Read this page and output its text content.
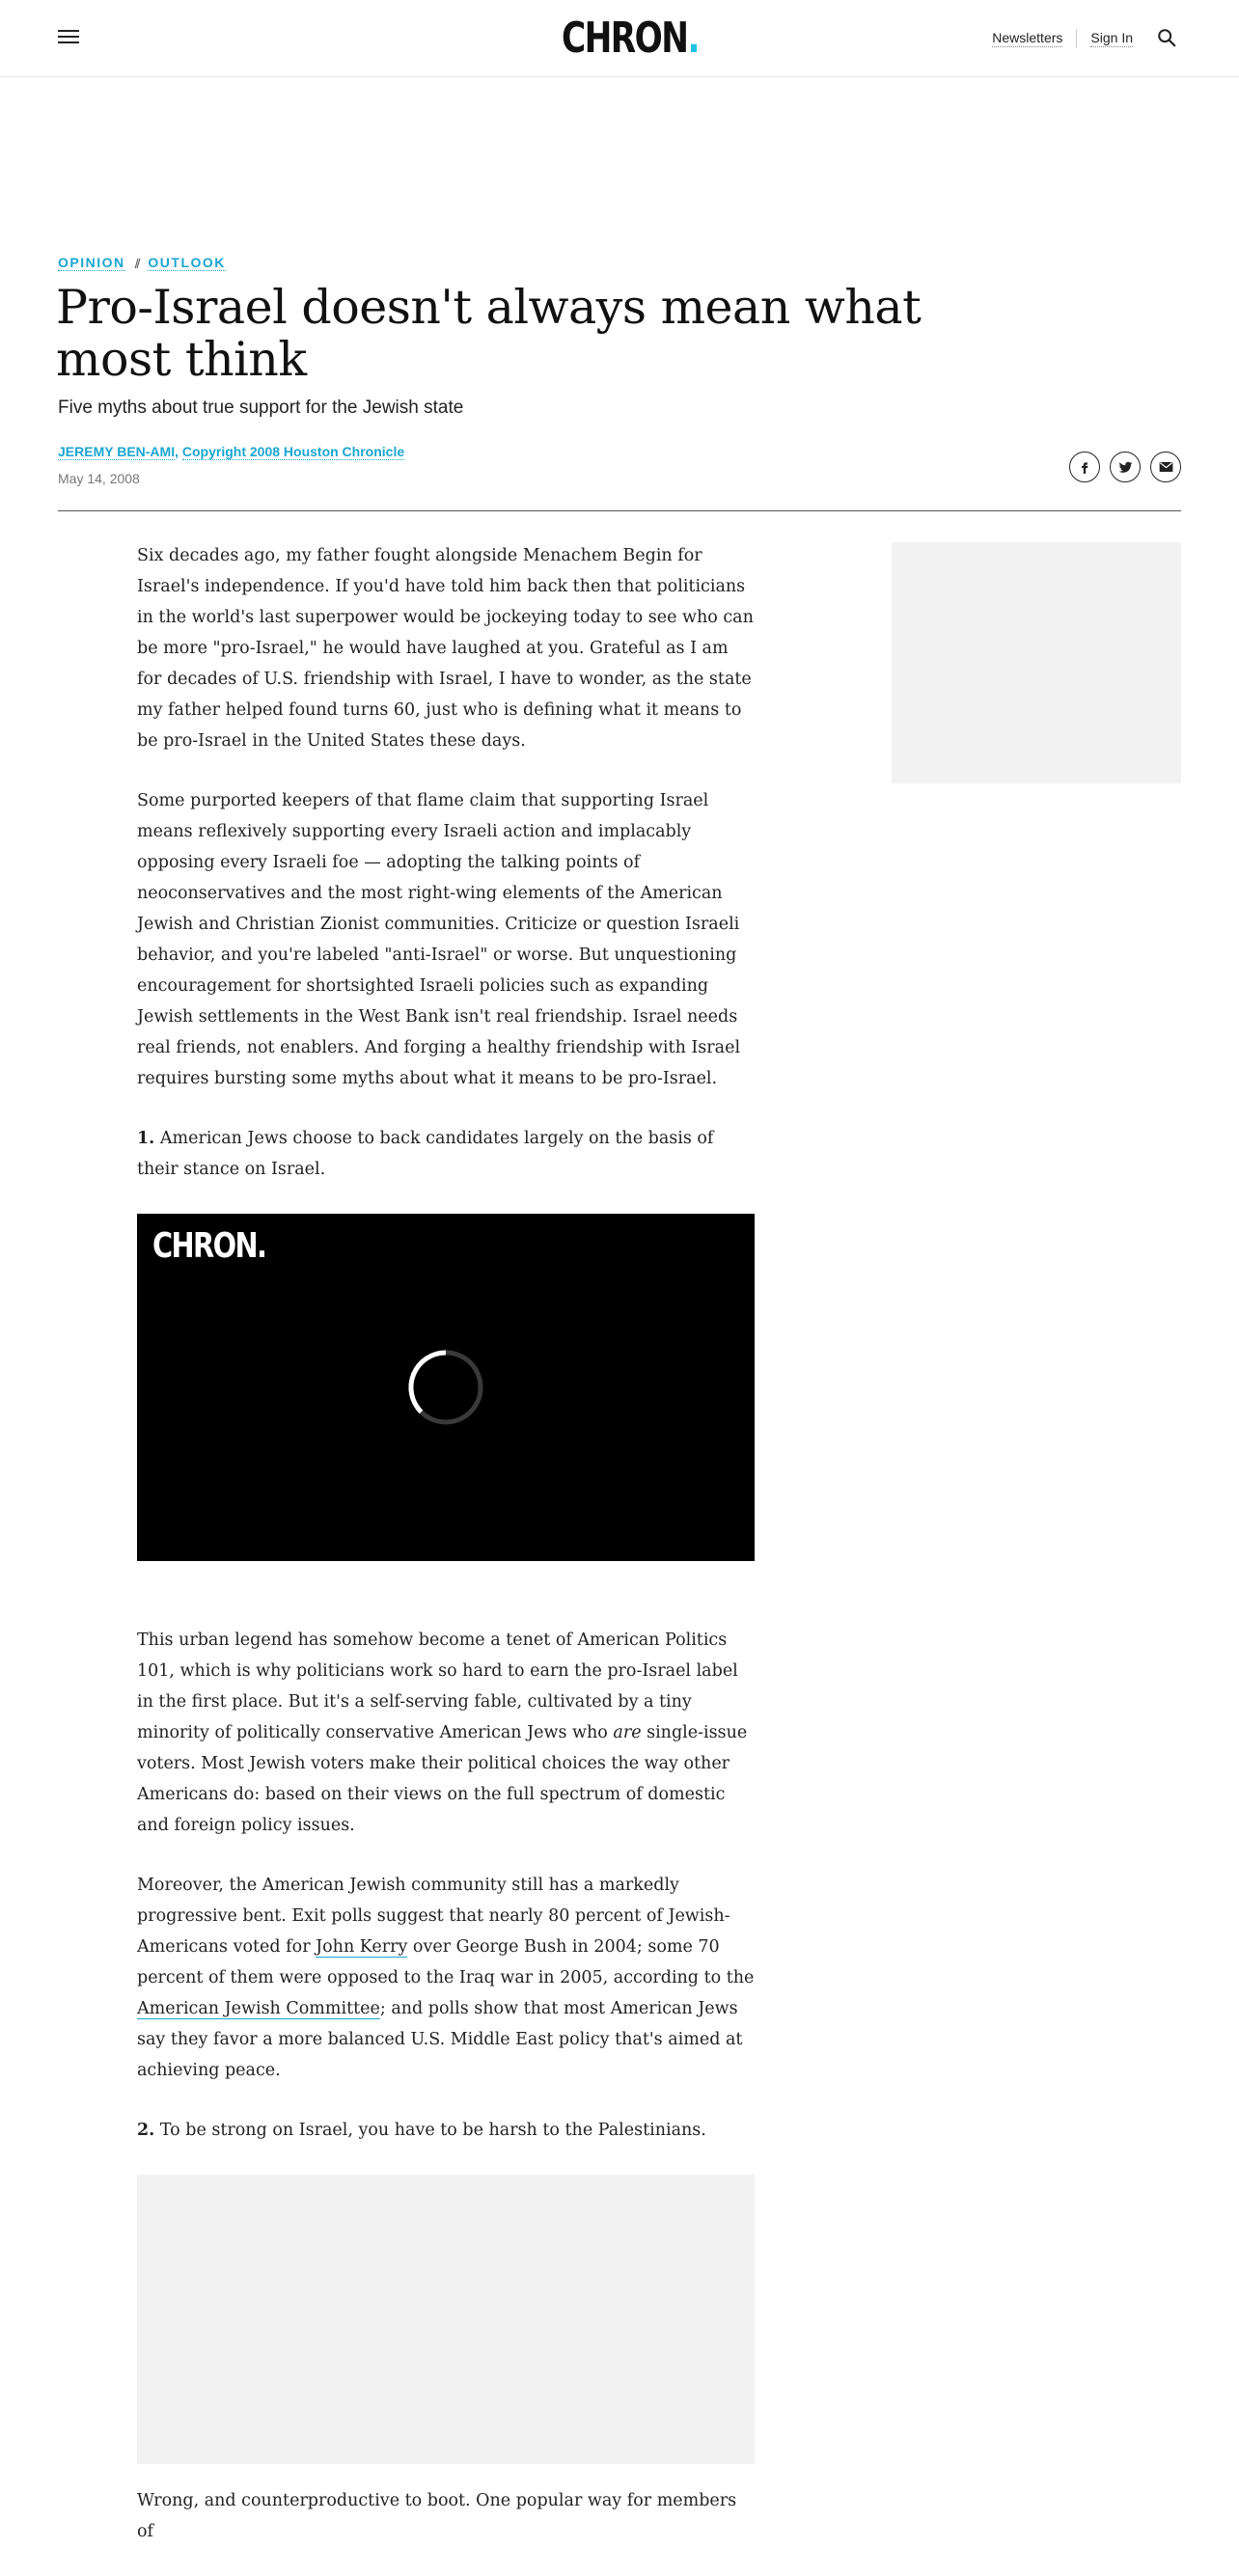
CHRON.	Newsletters Sign In
OPINION // OUTLOOK
Pro-Israel doesn't always mean what most think
Five myths about true support for the Jewish state
JEREMY BEN-AMI, Copyright 2008 Houston Chronicle
May 14, 2008

Six decades ago, my father fought alongside Menachem Begin for Israel's independence. If you'd have told him back then that politicians in the world's last superpower would be jockeying today to see who can be more "pro-Israel," he would have laughed at you. Grateful as I am for decades of U.S. friendship with Israel, I have to wonder, as the state my father helped found turns 60, just who is defining what it means to be pro-Israel in the United States these days.

Some purported keepers of that flame claim that supporting Israel means reflexively supporting every Israeli action and implacably opposing every Israeli foe — adopting the talking points of neoconservatives and the most right-wing elements of the American Jewish and Christian Zionist communities. Criticize or question Israeli behavior, and you're labeled "anti-Israel" or worse. But unquestioning encouragement for shortsighted Israeli policies such as expanding Jewish settlements in the West Bank isn't real friendship. Israel needs real friends, not enablers. And forging a healthy friendship with Israel requires bursting some myths about what it means to be pro-Israel.

1. American Jews choose to back candidates largely on the basis of their stance on Israel.

CHRON.

This urban legend has somehow become a tenet of American Politics 101, which is why politicians work so hard to earn the pro-Israel label in the first place. But it's a self-serving fable, cultivated by a tiny minority of politically conservative American Jews who are single-issue voters. Most Jewish voters make their political choices the way other Americans do: based on their views on the full spectrum of domestic and foreign policy issues.

Moreover, the American Jewish community still has a markedly progressive bent. Exit polls suggest that nearly 80 percent of Jewish-Americans voted for John Kerry over George Bush in 2004; some 70 percent of them were opposed to the Iraq war in 2005, according to the American Jewish Committee; and polls show that most American Jews say they favor a more balanced U.S. Middle East policy that's aimed at achieving peace.

2. To be strong on Israel, you have to be harsh to the Palestinians.

Wrong, and counterproductive to boot. One popular way for members of
